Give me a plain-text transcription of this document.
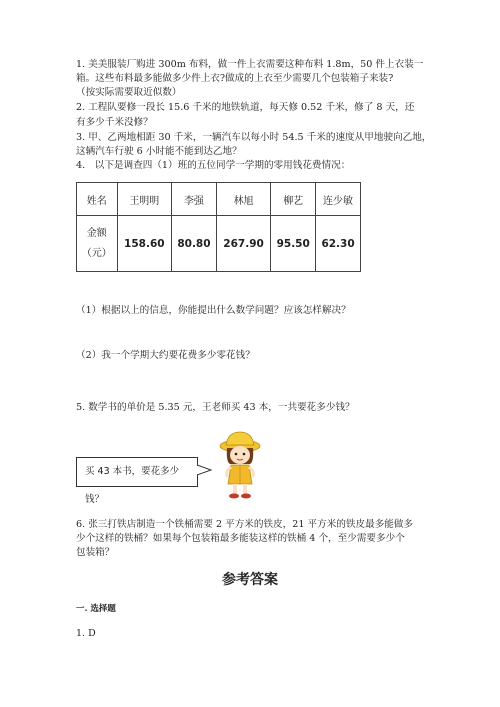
1. 美美服装厂购进 300m 布料，做一件上衣需要这种布料 1.8m，50 件上衣装一
箱。这些布料最多能做多少件上衣?做成的上衣至少需要几个包装箱子来装?
（按实际需要取近似数）
2. 工程队要修一段长 15.6 千米的地铁轨道，每天修 0.52 千米，修了 8 天，还
有多少千米没修？
3. 甲、乙两地相距 30 千米，一辆汽车以每小时 54.5 千米的速度从甲地驶向乙地，
这辆汽车行驶 6 小时能不能到达乙地？
4.　以下是调查四（1）班的五位同学一学期的零用钱花费情况：
姓名	王明明	李强	林旭	柳艺	连少敏

金额
（元）	158.60	80.80	267.90	95.50	62.30
（1）根据以上的信息，你能提出什么数学问题？应该怎样解决？
（2）我一个学期大约要花费多少零花钱？
5. 数学书的单价是 5.35 元，王老师买 43 本，一共要花多少钱？
买 43 本书，要花多少钱？
6. 张三打铁店制造一个铁桶需要 2 平方米的铁皮，21 平方米的铁皮最多能做多
少个这样的铁桶？如果每个包装箱最多能装这样的铁桶 4 个，至少需要多少个
包装箱？
参考答案
一. 选择题
1. D
